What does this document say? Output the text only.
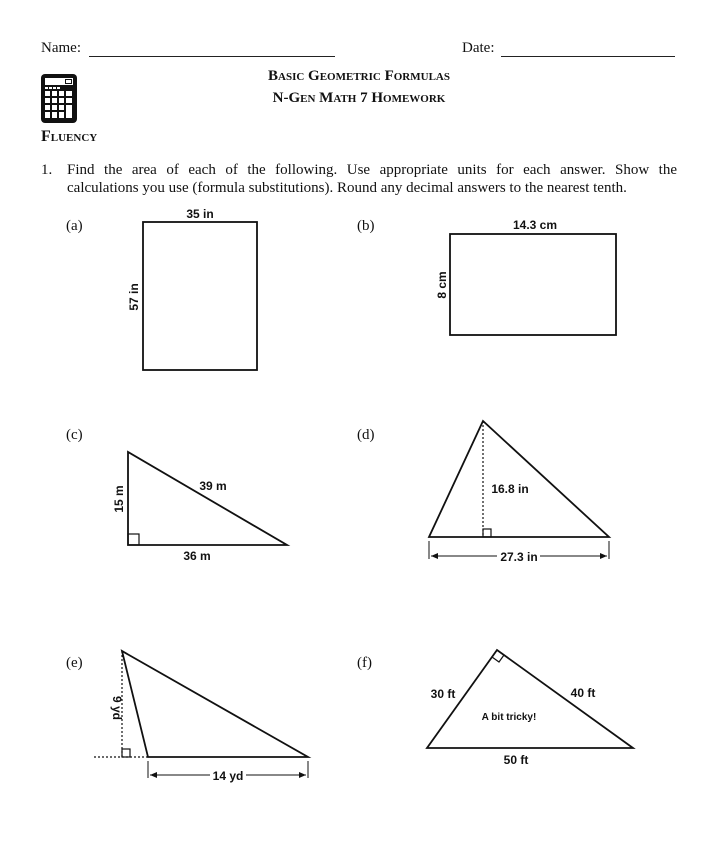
Name:	Date:
Basic Geometric Formulas
N-Gen Math 7 Homework
Fluency
1. Find the area of each of the following. Use appropriate units for each answer. Show the
calculations you use (formula substitutions). Round any decimal answers to the nearest tenth.
(a)	(b)
(c)	(d)
(e)	(f)
35 in
57 in
14.3 cm
8 cm
15 m	39 m
36 m
16.8 in
27.3 in
9 yd
14 yd
30 ft	40 ft
A bit tricky!
50 ft
